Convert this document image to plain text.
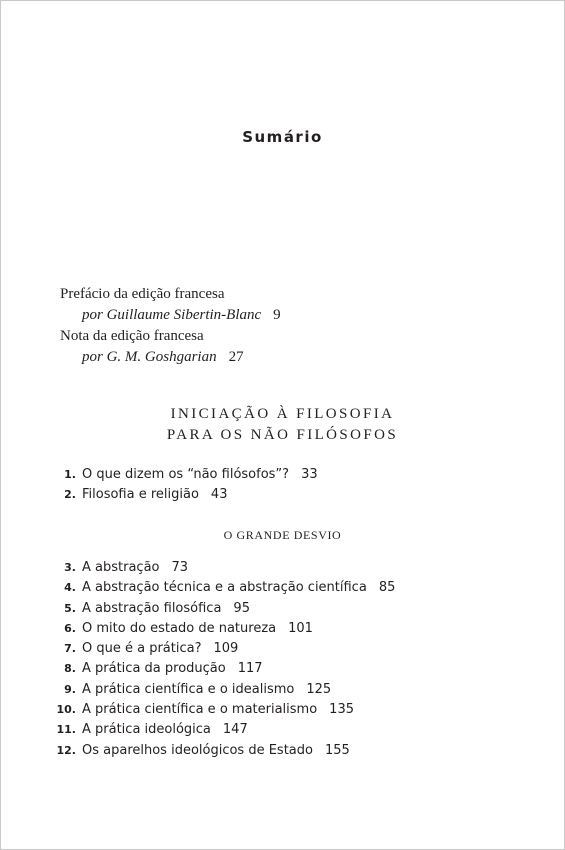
Sumário
Prefácio da edição francesa
por Guillaume Sibertin-Blanc 9
Nota da edição francesa
por G. M. Goshgarian 27
INICIAÇÃO À FILOSOFIA
PARA OS NÃO FILÓSOFOS
1. O que dizem os “não filósofos”? 33
2. Filosofia e religião 43
O GRANDE DESVIO
3. A abstração 73
4. A abstração técnica e a abstração científica 85
5. A abstração filosófica 95
6. O mito do estado de natureza 101
7. O que é a prática? 109
8. A prática da produção 117
9. A prática científica e o idealismo 125
10. A prática científica e o materialismo 135
11. A prática ideológica 147
12. Os aparelhos ideológicos de Estado 155
